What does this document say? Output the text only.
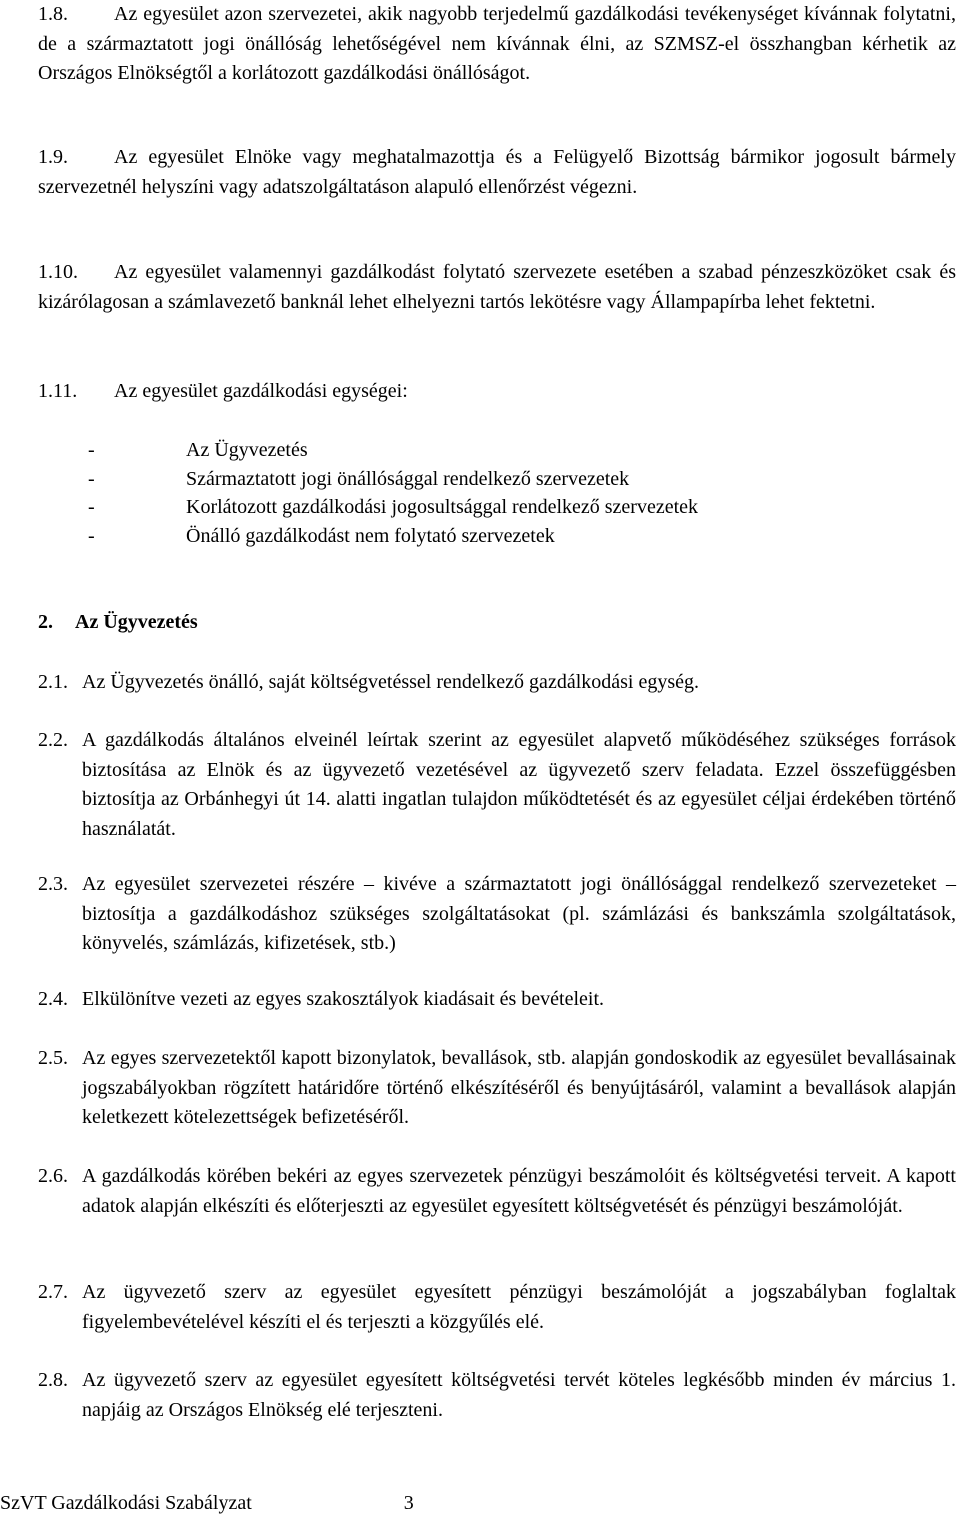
1.8.	Az egyesület azon szervezetei, akik nagyobb terjedelmű gazdálkodási tevékenységet kívánnak folytatni, de a származtatott jogi önállóság lehetőségével nem kívánnak élni, az SZMSZ-el összhangban kérhetik az Országos Elnökségtől a korlátozott gazdálkodási önállóságot.
1.9.	Az egyesület Elnöke vagy meghatalmazottja és a Felügyelő Bizottság bármikor jogosult bármely szervezetnél helyszíni vagy adatszolgáltatáson alapuló ellenőrzést végezni.
1.10.	Az egyesület valamennyi gazdálkodást folytató szervezete esetében a szabad pénzeszközöket csak és kizárólagosan a számlavezető banknál lehet elhelyezni tartós lekötésre vagy Állampapírba lehet fektetni.
1.11. Az egyesület gazdálkodási egységei:
-	Az Ügyvezetés
-	Származtatott jogi önállósággal rendelkező szervezetek
-	Korlátozott gazdálkodási jogosultsággal rendelkező szervezetek
-	Önálló gazdálkodást nem folytató szervezetek
2. Az Ügyvezetés
2.1. Az Ügyvezetés önálló, saját költségvetéssel rendelkező gazdálkodási egység.
2.2. A gazdálkodás általános elveinél leírtak szerint az egyesület alapvető működéséhez szükséges források biztosítása az Elnök és az ügyvezető vezetésével az ügyvezető szerv feladata. Ezzel összefüggésben biztosítja az Orbánhegyi út 14. alatti ingatlan tulajdon működtetését és az egyesület céljai érdekében történő használatát.
2.3. Az egyesület szervezetei részére – kivéve a származtatott jogi önállósággal rendelkező szervezeteket – biztosítja a gazdálkodáshoz szükséges szolgáltatásokat (pl. számlázási és bankszámla szolgáltatások, könyvelés, számlázás, kifizetések, stb.)
2.4. Elkülönítve vezeti az egyes szakosztályok kiadásait és bevételeit.
2.5. Az egyes szervezetektől kapott bizonylatok, bevallások, stb. alapján gondoskodik az egyesület bevallásainak jogszabályokban rögzített határidőre történő elkészítéséről és benyújtásáról, valamint a bevallások alapján keletkezett kötelezettségek befizetéséről.
2.6. A gazdálkodás körében bekéri az egyes szervezetek pénzügyi beszámolóit és költségvetési terveit. A kapott adatok alapján elkészíti és előterjeszti az egyesület egyesített költségvetését és pénzügyi beszámolóját.
2.7. Az ügyvezető szerv az egyesület egyesített pénzügyi beszámolóját a jogszabályban foglaltak figyelembevételével készíti el és terjeszti a közgyűlés elé.
2.8. Az ügyvezető szerv az egyesület egyesített költségvetési tervét köteles legkésőbb minden év március 1. napjáig az Országos Elnökség elé terjeszteni.
SzVT Gazdálkodási Szabályzat	3
